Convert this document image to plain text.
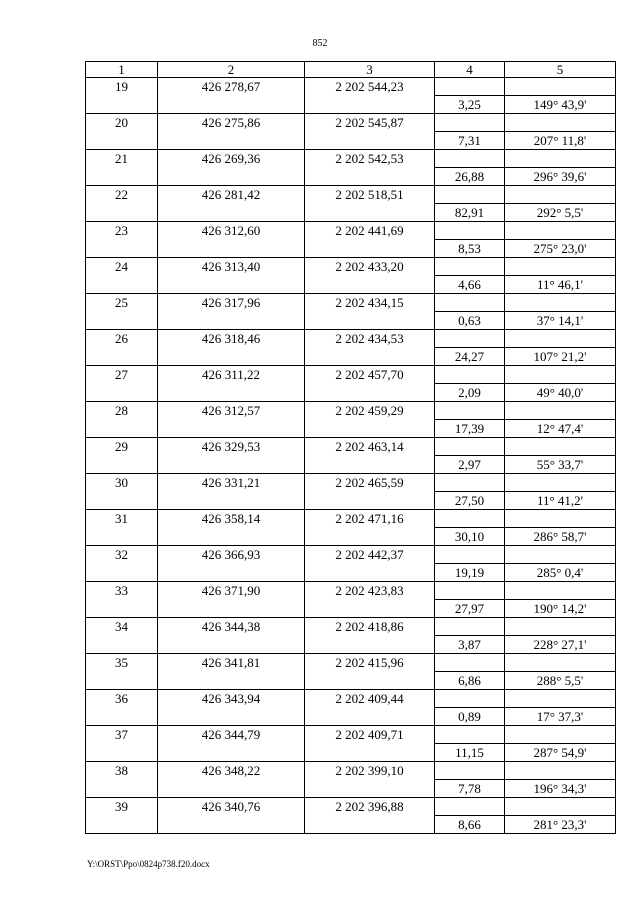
852
1	2	3	4	5
19	426 278,67	2 202 544,23		
			3,25	149° 43,9'
20	426 275,86	2 202 545,87		
			7,31	207° 11,8'
21	426 269,36	2 202 542,53		
			26,88	296° 39,6'
22	426 281,42	2 202 518,51		
			82,91	292° 5,5'
23	426 312,60	2 202 441,69		
			8,53	275° 23,0'
24	426 313,40	2 202 433,20		
			4,66	11° 46,1'
25	426 317,96	2 202 434,15		
			0,63	37° 14,1'
26	426 318,46	2 202 434,53		
			24,27	107° 21,2'
27	426 311,22	2 202 457,70		
			2,09	49° 40,0'
28	426 312,57	2 202 459,29		
			17,39	12° 47,4'
29	426 329,53	2 202 463,14		
			2,97	55° 33,7'
30	426 331,21	2 202 465,59		
			27,50	11° 41,2'
31	426 358,14	2 202 471,16		
			30,10	286° 58,7'
32	426 366,93	2 202 442,37		
			19,19	285° 0,4'
33	426 371,90	2 202 423,83		
			27,97	190° 14,2'
34	426 344,38	2 202 418,86		
			3,87	228° 27,1'
35	426 341,81	2 202 415,96		
			6,86	288° 5,5'
36	426 343,94	2 202 409,44		
			0,89	17° 37,3'
37	426 344,79	2 202 409,71		
			11,15	287° 54,9'
38	426 348,22	2 202 399,10		
			7,78	196° 34,3'
39	426 340,76	2 202 396,88		
			8,66	281° 23,3'
Y:\ORST\Ppo\0824p738.f20.docx
